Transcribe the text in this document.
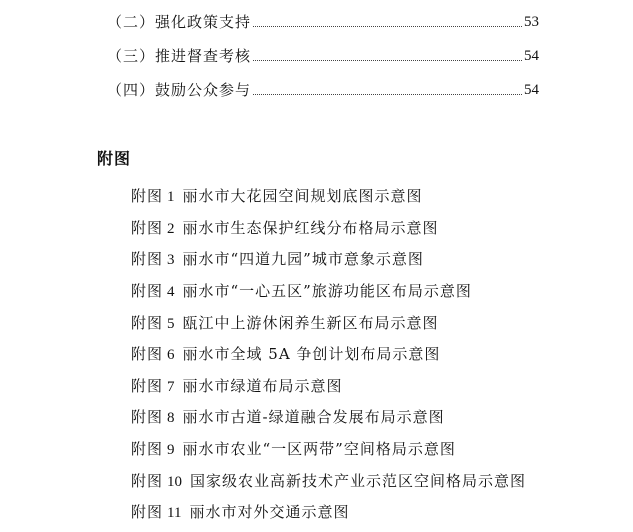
（二）强化政策支持	53
（三）推进督查考核	54
（四）鼓励公众参与	54
附图
附图 1 丽水市大花园空间规划底图示意图
附图 2 丽水市生态保护红线分布格局示意图
附图 3 丽水市“四道九园”城市意象示意图
附图 4 丽水市“一心五区”旅游功能区布局示意图
附图 5 瓯江中上游休闲养生新区布局示意图
附图 6 丽水市全域 5A 争创计划布局示意图
附图 7 丽水市绿道布局示意图
附图 8 丽水市古道-绿道融合发展布局示意图
附图 9 丽水市农业“一区两带”空间格局示意图
附图 10 国家级农业高新技术产业示范区空间格局示意图
附图 11 丽水市对外交通示意图
